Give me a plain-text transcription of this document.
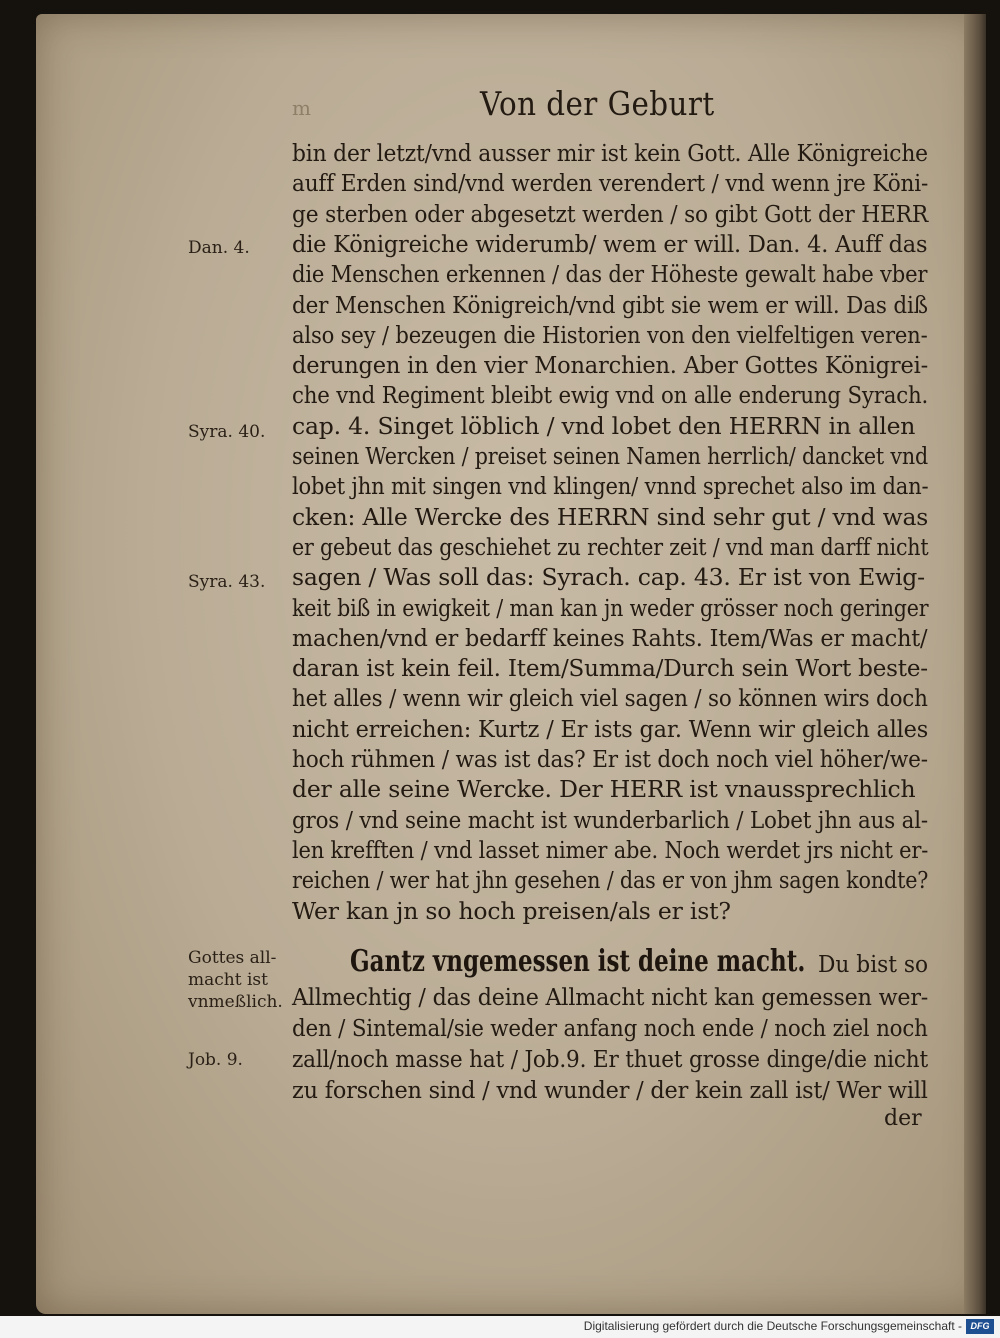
m	Von der Geburt
bin der letzt/vnd ausser mir ist kein Gott. Alle Königreiche
auff Erden sind/vnd werden verendert / vnd wenn jre Köni-
ge sterben oder abgesetzt werden / so gibt Gott der HERR
die Königreiche widerumb/ wem er will. Dan. 4. Auff das
die Menschen erkennen / das der Höheste gewalt habe vber
der Menschen Königreich/vnd gibt sie wem er will. Das diß
also sey / bezeugen die Historien von den vielfeltigen veren-
derungen in den vier Monarchien. Aber Gottes Königrei-
che vnd Regiment bleibt ewig vnd on alle enderung Syrach.
cap. 4. Singet löblich / vnd lobet den HERRN in allen
seinen Wercken / preiset seinen Namen herrlich/ dancket vnd
lobet jhn mit singen vnd klingen/ vnnd sprechet also im dan-
cken: Alle Wercke des HERRN sind sehr gut / vnd was
er gebeut das geschiehet zu rechter zeit / vnd man darff nicht
sagen / Was soll das: Syrach. cap. 43. Er ist von Ewig-
keit biß in ewigkeit / man kan jn weder grösser noch geringer
machen/vnd er bedarff keines Rahts. Item/Was er macht/
daran ist kein feil. Item/Summa/Durch sein Wort beste-
het alles / wenn wir gleich viel sagen / so können wirs doch
nicht erreichen: Kurtz / Er ists gar. Wenn wir gleich alles
hoch rühmen / was ist das? Er ist doch noch viel höher/we-
der alle seine Wercke. Der HERR ist vnaussprechlich
gros / vnd seine macht ist wunderbarlich / Lobet jhn aus al-
len krefften / vnd lasset nimer abe. Noch werdet jrs nicht er-
reichen / wer hat jhn gesehen / das er von jhm sagen kondte?
Wer kan jn so hoch preisen/als er ist?
Gantz vngemessen ist deine macht. Du bist so
Allmechtig / das deine Allmacht nicht kan gemessen wer-
den / Sintemal/sie weder anfang noch ende / noch ziel noch
zall/noch masse hat / Job.9. Er thuet grosse dinge/die nicht
zu forschen sind / vnd wunder / der kein zall ist/ Wer will
der
Dan. 4.
Syra. 40.
Syra. 43.
Gottes all-
macht ist
vnmeßlich.
Job. 9.
Digitalisierung gefördert durch die Deutsche Forschungsgemeinschaft - DFG
